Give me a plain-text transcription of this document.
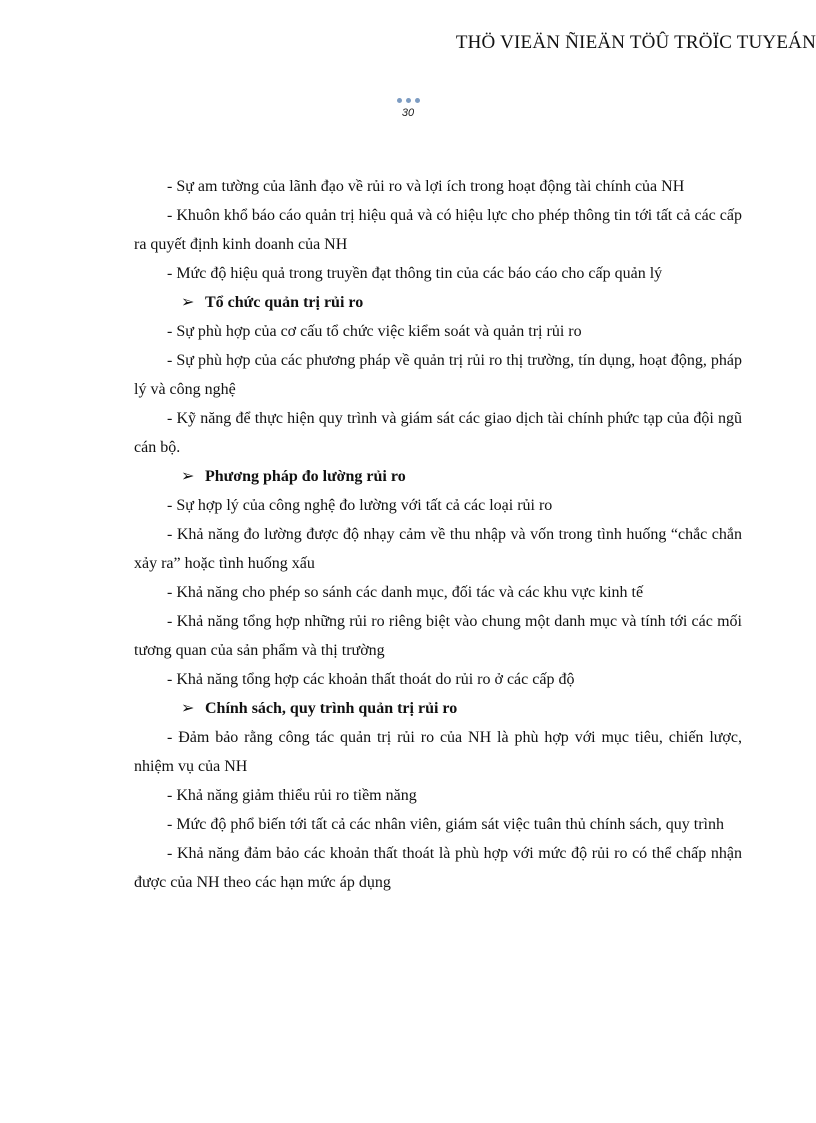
THÖ VIEÄN ÑIEÄN TÖÛ TRÖÏC TUYEÁN
30

- Sự am tường của lãnh đạo về rủi ro và lợi ích trong hoạt động tài chính của NH

- Khuôn khổ báo cáo quản trị hiệu quả và có hiệu lực cho phép thông tin tới tất cả các cấp ra quyết định kinh doanh của NH

- Mức độ hiệu quả trong truyền đạt thông tin của các báo cáo cho cấp quản lý

➢ Tổ chức quản trị rủi ro

- Sự phù hợp của cơ cấu tổ chức việc kiểm soát và quản trị rủi ro

- Sự phù hợp của các phương pháp về quản trị rủi ro thị trường, tín dụng, hoạt động, pháp lý và công nghệ

- Kỹ năng để thực hiện quy trình và giám sát các giao dịch tài chính phức tạp của đội ngũ cán bộ.

➢ Phương pháp đo lường rủi ro

- Sự hợp lý của công nghệ đo lường với tất cả các loại rủi ro

- Khả năng đo lường được độ nhạy cảm về thu nhập và vốn trong tình huống “chắc chắn xảy ra” hoặc tình huống xấu

- Khả năng cho phép so sánh các danh mục, đối tác và các khu vực kinh tế

- Khả năng tổng hợp những rủi ro riêng biệt vào chung một danh mục và tính tới các mối tương quan của sản phẩm và thị trường

- Khả năng tổng hợp các khoản thất thoát do rủi ro ở các cấp độ

➢ Chính sách, quy trình quản trị rủi ro

- Đảm bảo rằng công tác quản trị rủi ro của NH là phù hợp với mục tiêu, chiến lược, nhiệm vụ của NH

- Khả năng giảm thiểu rủi ro tiềm năng

- Mức độ phổ biến tới tất cả các nhân viên, giám sát việc tuân thủ chính sách, quy trình

- Khả năng đảm bảo các khoản thất thoát là phù hợp với mức độ rủi ro có thể chấp nhận được của NH theo các hạn mức áp dụng
